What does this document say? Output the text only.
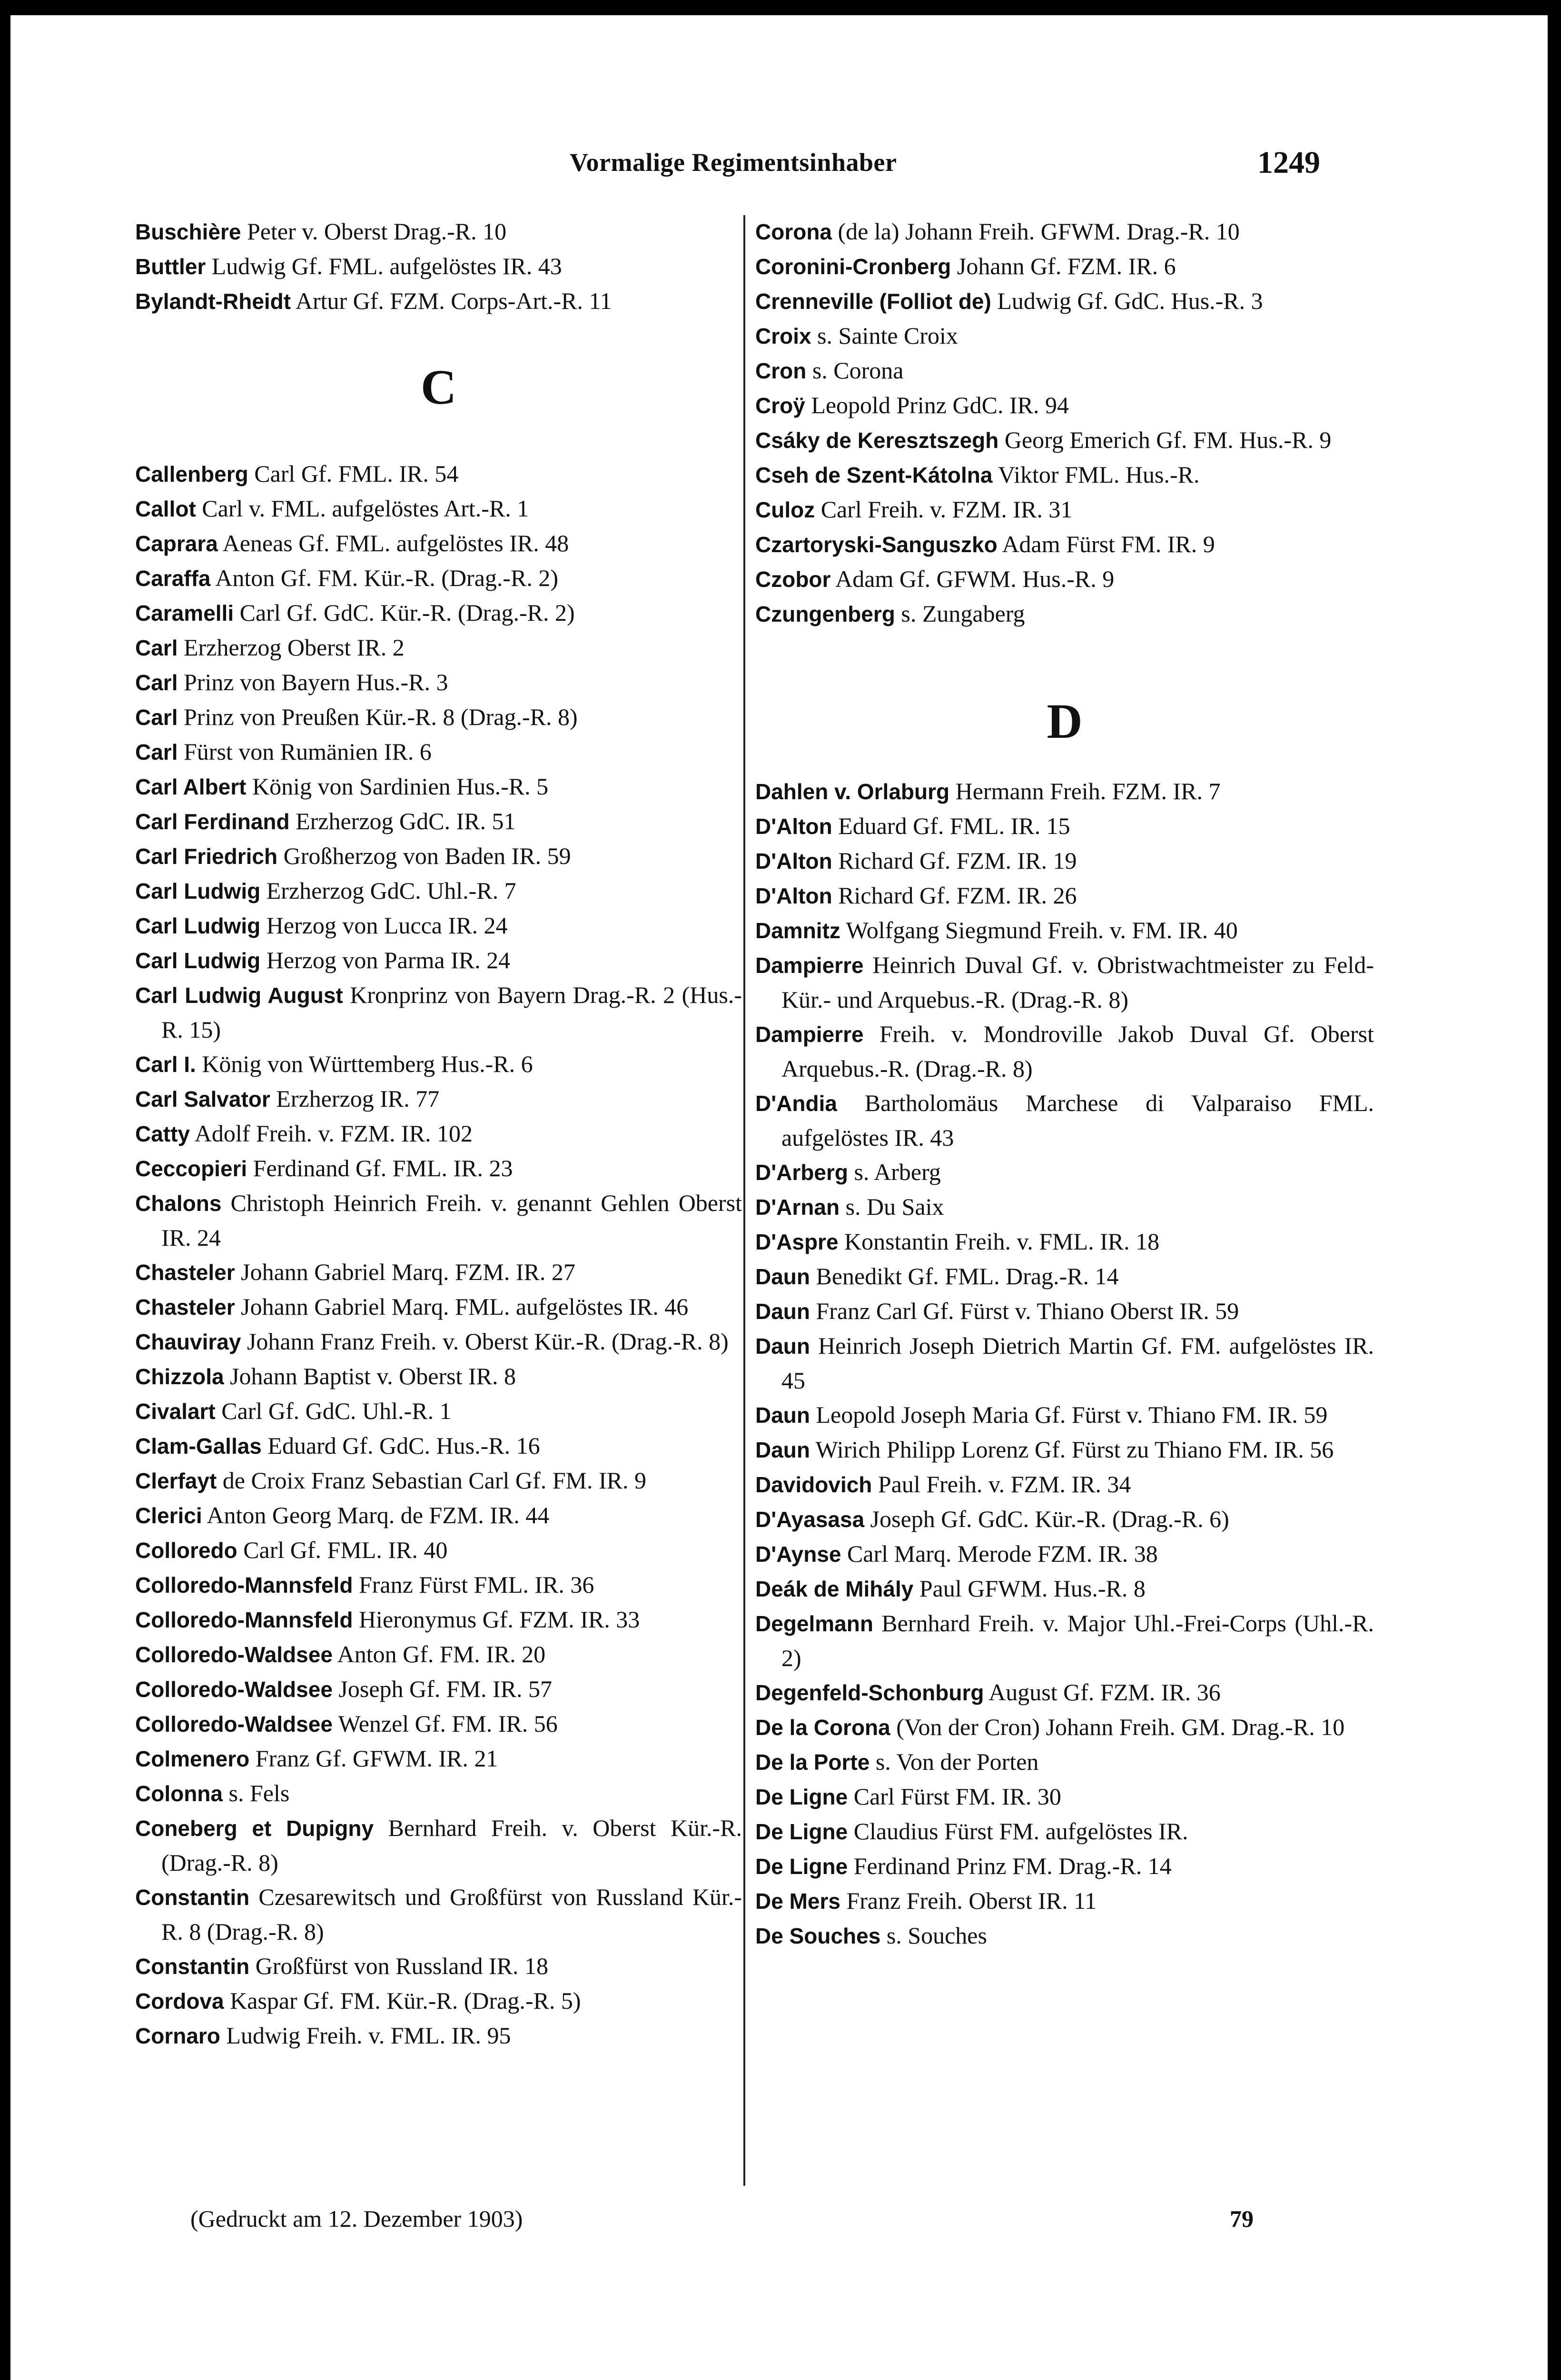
Vormalige Regimentsinhaber	1249

Buschière Peter v. Oberst Drag.-R. 10

Buttler Ludwig Gf. FML. aufgelöstes IR. 43

Bylandt-Rheidt Artur Gf. FZM. Corps-Art.-R. 11

C

Callenberg Carl Gf. FML. IR. 54

Callot Carl v. FML. aufgelöstes Art.-R. 1

Caprara Aeneas Gf. FML. aufgelöstes IR. 48

Caraffa Anton Gf. FM. Kür.-R. (Drag.-R. 2)

Caramelli Carl Gf. GdC. Kür.-R. (Drag.-R. 2)

Carl Erzherzog Oberst IR. 2

Carl Prinz von Bayern Hus.-R. 3

Carl Prinz von Preußen Kür.-R. 8 (Drag.-R. 8)

Carl Fürst von Rumänien IR. 6

Carl Albert König von Sardinien Hus.-R. 5

Carl Ferdinand Erzherzog GdC. IR. 51

Carl Friedrich Großherzog von Baden IR. 59

Carl Ludwig Erzherzog GdC. Uhl.-R. 7

Carl Ludwig Herzog von Lucca IR. 24

Carl Ludwig Herzog von Parma IR. 24

Carl Ludwig August Kronprinz von Bayern Drag.-R. 2 (Hus.-R. 15)

Carl I. König von Württemberg Hus.-R. 6

Carl Salvator Erzherzog IR. 77

Catty Adolf Freih. v. FZM. IR. 102

Ceccopieri Ferdinand Gf. FML. IR. 23

Chalons Christoph Heinrich Freih. v. genannt Gehlen Oberst IR. 24

Chasteler Johann Gabriel Marq. FZM. IR. 27

Chasteler Johann Gabriel Marq. FML. aufgelöstes IR. 46

Chauviray Johann Franz Freih. v. Oberst Kür.-R. (Drag.-R. 8)

Chizzola Johann Baptist v. Oberst IR. 8

Civalart Carl Gf. GdC. Uhl.-R. 1

Clam-Gallas Eduard Gf. GdC. Hus.-R. 16

Clerfayt de Croix Franz Sebastian Carl Gf. FM. IR. 9

Clerici Anton Georg Marq. de FZM. IR. 44

Colloredo Carl Gf. FML. IR. 40

Colloredo-Mannsfeld Franz Fürst FML. IR. 36

Colloredo-Mannsfeld Hieronymus Gf. FZM. IR. 33

Colloredo-Waldsee Anton Gf. FM. IR. 20

Colloredo-Waldsee Joseph Gf. FM. IR. 57

Colloredo-Waldsee Wenzel Gf. FM. IR. 56

Colmenero Franz Gf. GFWM. IR. 21

Colonna s. Fels

Coneberg et Dupigny Bernhard Freih. v. Oberst Kür.-R. (Drag.-R. 8)

Constantin Czesarewitsch und Großfürst von Russland Kür.-R. 8 (Drag.-R. 8)

Constantin Großfürst von Russland IR. 18

Cordova Kaspar Gf. FM. Kür.-R. (Drag.-R. 5)

Cornaro Ludwig Freih. v. FML. IR. 95

Corona (de la) Johann Freih. GFWM. Drag.-R. 10

Coronini-Cronberg Johann Gf. FZM. IR. 6

Crenneville (Folliot de) Ludwig Gf. GdC. Hus.-R. 3

Croix s. Sainte Croix

Cron s. Corona

Croÿ Leopold Prinz GdC. IR. 94

Csáky de Keresztszegh Georg Emerich Gf. FM. Hus.-R. 9

Cseh de Szent-Kátolna Viktor FML. Hus.-R.

Culoz Carl Freih. v. FZM. IR. 31

Czartoryski-Sanguszko Adam Fürst FM. IR. 9

Czobor Adam Gf. GFWM. Hus.-R. 9

Czungenberg s. Zungaberg

D

Dahlen v. Orlaburg Hermann Freih. FZM. IR. 7

D'Alton Eduard Gf. FML. IR. 15

D'Alton Richard Gf. FZM. IR. 19

D'Alton Richard Gf. FZM. IR. 26

Damnitz Wolfgang Siegmund Freih. v. FM. IR. 40

Dampierre Heinrich Duval Gf. v. Obristwachtmeister zu Feld-Kür.- und Arquebus.-R. (Drag.-R. 8)

Dampierre Freih. v. Mondroville Jakob Duval Gf. Oberst Arquebus.-R. (Drag.-R. 8)

D'Andia Bartholomäus Marchese di Valparaiso FML. aufgelöstes IR. 43

D'Arberg s. Arberg

D'Arnan s. Du Saix

D'Aspre Konstantin Freih. v. FML. IR. 18

Daun Benedikt Gf. FML. Drag.-R. 14

Daun Franz Carl Gf. Fürst v. Thiano Oberst IR. 59

Daun Heinrich Joseph Dietrich Martin Gf. FM. aufgelöstes IR. 45

Daun Leopold Joseph Maria Gf. Fürst v. Thiano FM. IR. 59

Daun Wirich Philipp Lorenz Gf. Fürst zu Thiano FM. IR. 56

Davidovich Paul Freih. v. FZM. IR. 34

D'Ayasasa Joseph Gf. GdC. Kür.-R. (Drag.-R. 6)

D'Aynse Carl Marq. Merode FZM. IR. 38

Deák de Mihály Paul GFWM. Hus.-R. 8

Degelmann Bernhard Freih. v. Major Uhl.-Frei-Corps (Uhl.-R. 2)

Degenfeld-Schonburg August Gf. FZM. IR. 36

De la Corona (Von der Cron) Johann Freih. GM. Drag.-R. 10

De la Porte s. Von der Porten

De Ligne Carl Fürst FM. IR. 30

De Ligne Claudius Fürst FM. aufgelöstes IR.

De Ligne Ferdinand Prinz FM. Drag.-R. 14

De Mers Franz Freih. Oberst IR. 11

De Souches s. Souches

(Gedruckt am 12. Dezember 1903)	79
